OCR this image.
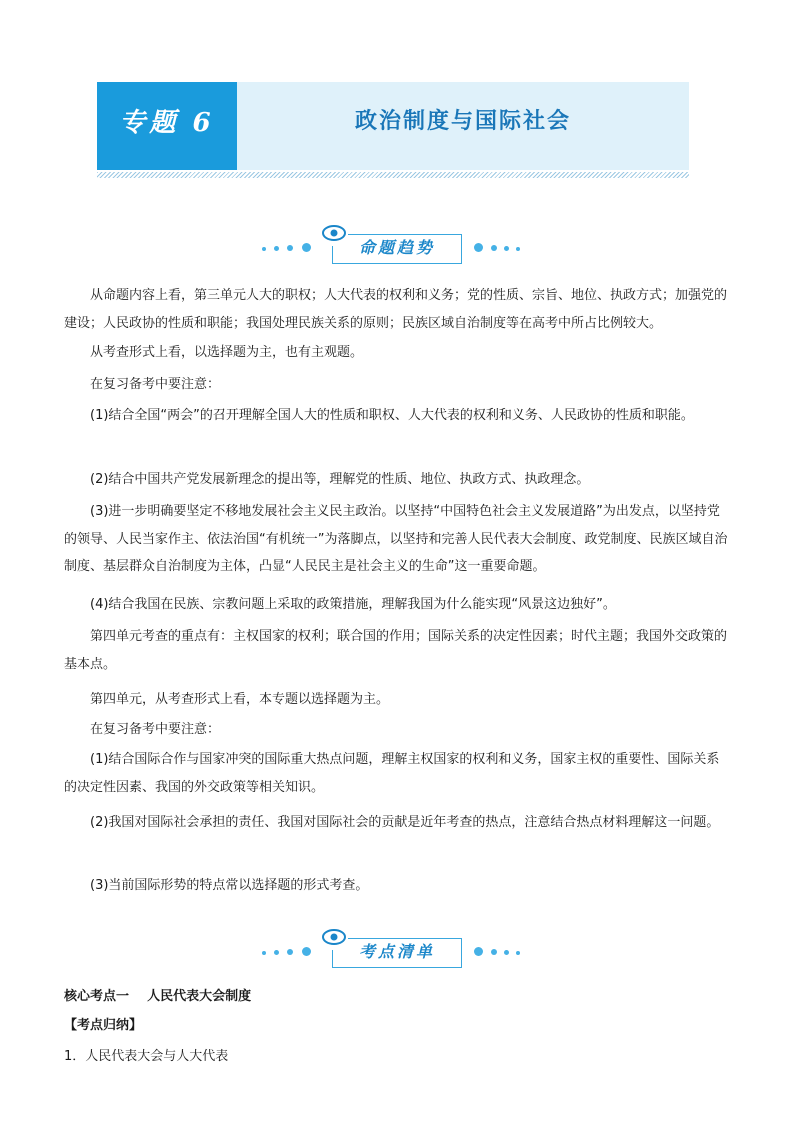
专题 6	政治制度与国际社会
命题趋势

从命题内容上看，第三单元人大的职权；人大代表的权利和义务；党的性质、宗旨、地位、执政方式；加强党的建设；人民政协的性质和职能；我国处理民族关系的原则；民族区域自治制度等在高考中所占比例较大。

从考查形式上看，以选择题为主，也有主观题。

在复习备考中要注意：

(1)结合全国“两会”的召开理解全国人大的性质和职权、人大代表的权利和义务、人民政协的性质和职能。

(2)结合中国共产党发展新理念的提出等，理解党的性质、地位、执政方式、执政理念。

(3)进一步明确要坚定不移地发展社会主义民主政治。以坚持“中国特色社会主义发展道路”为出发点，以坚持党的领导、人民当家作主、依法治国“有机统一”为落脚点，以坚持和完善人民代表大会制度、政党制度、民族区域自治制度、基层群众自治制度为主体，凸显“人民民主是社会主义的生命”这一重要命题。

(4)结合我国在民族、宗教问题上采取的政策措施，理解我国为什么能实现“风景这边独好”。

第四单元考查的重点有：主权国家的权利；联合国的作用；国际关系的决定性因素；时代主题；我国外交政策的基本点。

第四单元，从考查形式上看，本专题以选择题为主。

在复习备考中要注意：

(1)结合国际合作与国家冲突的国际重大热点问题，理解主权国家的权利和义务，国家主权的重要性、国际关系的决定性因素、我国的外交政策等相关知识。

(2)我国对国际社会承担的责任、我国对国际社会的贡献是近年考查的热点，注意结合热点材料理解这一问题。

(3)当前国际形势的特点常以选择题的形式考查。

考点清单
核心考点一    人民代表大会制度
【考点归纳】
1．人民代表大会与人大代表
